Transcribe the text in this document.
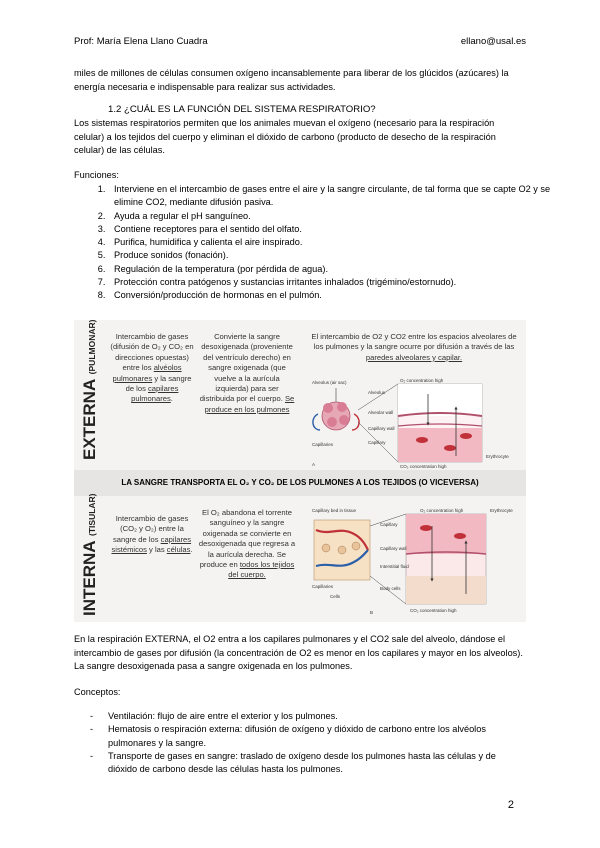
Prof: María Elena Llano Cuadra	ellano@usal.es
miles de millones de células consumen oxígeno incansablemente para liberar de los glúcidos (azúcares) la energía necesaria e indispensable para realizar sus actividades.
1.2 ¿CUÁL ES LA FUNCIÓN DEL SISTEMA RESPIRATORIO?
Los sistemas respiratorios permiten que los animales muevan el oxígeno (necesario para la respiración celular) a los tejidos del cuerpo y eliminan el dióxido de carbono (producto de desecho de la respiración celular) de las células.
Funciones:
1. Interviene en el intercambio de gases entre el aire y la sangre circulante, de tal forma que se capte O2 y se elimine CO2, mediante difusión pasiva.
2. Ayuda a regular el pH sanguíneo.
3. Contiene receptores para el sentido del olfato.
4. Purifica, humidifica y calienta el aire inspirado.
5. Produce sonidos (fonación).
6. Regulación de la temperatura (por pérdida de agua).
7. Protección contra patógenos y sustancias irritantes inhalados (trigémino/estornudo).
8. Conversión/producción de hormonas en el pulmón.
EXTERNA (PULMONAR)	Intercambio de gases (difusión de O₂ y CO₂ en direcciones opuestas) entre los alvéolos pulmonares y la sangre de los capilares pulmonares.
Convierte la sangre desoxigenada (proveniente del ventrículo derecho) en sangre oxigenada (que vuelve a la aurícula izquierda) para ser distribuida por el cuerpo. Se produce en los pulmones
El intercambio de O2 y CO2 entre los espacios alveolares de los pulmones y la sangre ocurre por difusión a través de las paredes alveolares y capilar.
Alveolus (air sac)
Capillaries
O₂ concentration high
Alveolus
Alveolar wall
Capillary wall
Capillary
CO₂ concentration high
Erythrocyte
A
LA SANGRE TRANSPORTA EL O₂ Y CO₂ DE LOS PULMONES A LOS TEJIDOS (O VICEVERSA)
INTERNA (TISULAR)	Intercambio de gases (CO₂ y O₂) entre la sangre de los capilares sistémicos y las células.
El O₂ abandona el torrente sanguíneo y la sangre oxigenada se convierte en desoxigenada que regresa a la aurícula derecha. Se produce en todos los tejidos del cuerpo.
Capillary bed in tissue
Capillaries
Cells
O₂ concentration high	Erythrocyte
Capillary
Capillary wall
Interstitial fluid
Body cells
CO₂ concentration high
B
En la respiración EXTERNA, el O2 entra a los capilares pulmonares y el CO2 sale del alveolo, dándose el intercambio de gases por difusión (la concentración de O2 es menor en los capilares y mayor en los alveolos). La sangre desoxigenada pasa a sangre oxigenada en los pulmones.
Conceptos:
- Ventilación: flujo de aire entre el exterior y los pulmones.
- Hematosis o respiración externa: difusión de oxígeno y dióxido de carbono entre los alvéolos pulmonares y la sangre.
- Transporte de gases en sangre: traslado de oxígeno desde los pulmones hasta las células y de dióxido de carbono desde las células hasta los pulmones.
2
